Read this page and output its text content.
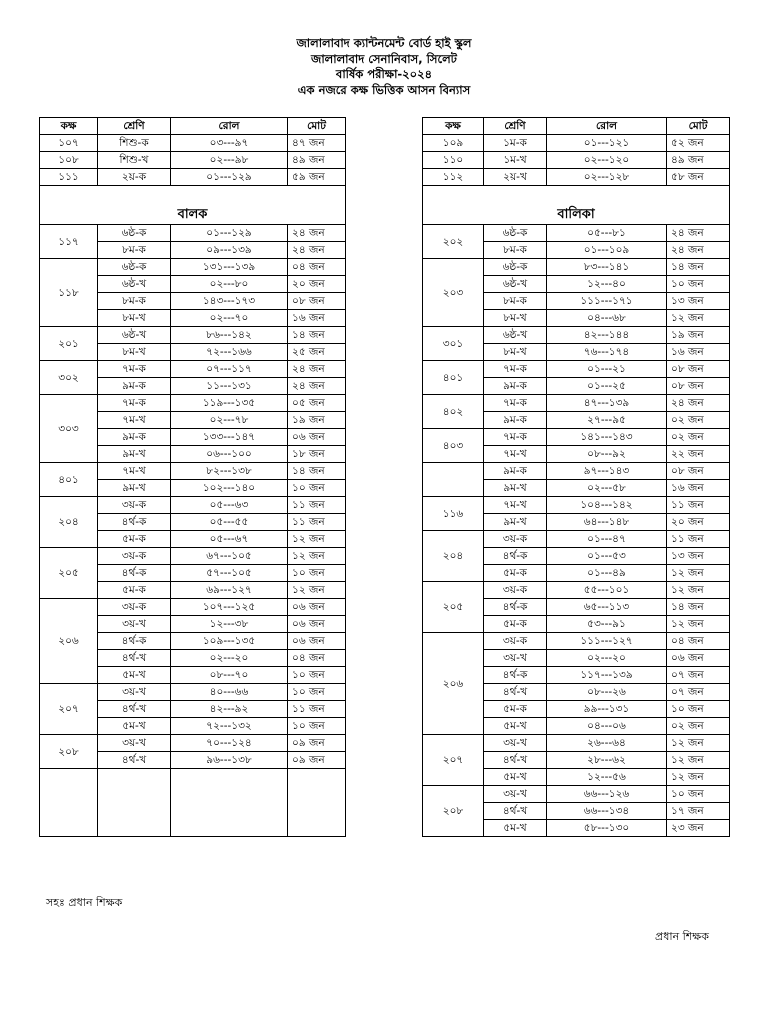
জালালাবাদ ক্যান্টনমেন্ট বোর্ড হাই স্কুল
জালালাবাদ সেনানিবাস, সিলেট
বার্ষিক পরীক্ষা-২০২৪
এক নজরে কক্ষ ভিত্তিক আসন বিন্যাস
কক্ষ	শ্রেণি	রোল	মোট		কক্ষ	শ্রেণি	রোল	মোট
১০৭	শিশু-ক	০৩---৯৭	৪৭ জন		১০৯	১ম-ক	০১---১২১	৫২ জন
১০৮	শিশু-খ	০২---৯৮	৪৯ জন		১১০	১ম-খ	০২---১২০	৪৯ জন
১১১	২য়-ক	০১---১২৯	৫৯ জন		১১২	২য়-খ	০২---১২৮	৫৮ জন
বালক					বালিকা			
১১৭	৬ষ্ঠ-ক	০১---১২৯	২৪ জন		২০২	৬ষ্ঠ-ক	০৫---৮১	২৪ জন
	৮ম-ক	০৯---১৩৯	২৪ জন			৮ম-ক	০১---১০৯	২৪ জন
১১৮	৬ষ্ঠ-ক	১৩১---১৩৯	০৪ জন		২০৩	৬ষ্ঠ-ক	৮৩---১৪১	১৪ জন
	৬ষ্ঠ-খ	০২---৮০	২০ জন			৬ষ্ঠ-খ	১২---৪০	১০ জন
	৮ম-ক	১৪৩---১৭৩	০৮ জন			৮ম-ক	১১১---১৭১	১৩ জন
	৮ম-খ	০২---৭০	১৬ জন			৮ম-খ	০৪---৬৮	১২ জন
২০১	৬ষ্ঠ-খ	৮৬---১৪২	১৪ জন		৩০১	৬ষ্ঠ-খ	৪২---১৪৪	১৯ জন
	৮ম-খ	৭২---১৬৬	২৫ জন			৮ম-খ	৭৬---১৭৪	১৬ জন
৩০২	৭ম-ক	০৭---১১৭	২৪ জন		৪০১	৭ম-ক	০১---২১	০৮ জন
	৯ম-ক	১১---১৩১	২৪ জন			৯ম-ক	০১---২৫	০৮ জন
৩০৩	৭ম-ক	১১৯---১৩৫	০৫ জন		৪০২	৭ম-ক	৪৭---১৩৯	২৪ জন
	৭ম-খ	০২---৭৮	১৯ জন			৯ম-ক	২৭---৯৫	০২ জন
	৯ম-ক	১৩৩---১৪৭	০৬ জন		৪০৩	৭ম-ক	১৪১---১৪৩	০২ জন
	৯ম-খ	০৬---১০০	১৮ জন			৭ম-খ	০৮---৯২	২২ জন
৪০১	৭ম-খ	৮২---১৩৮	১৪ জন			৯ম-ক	৯৭---১৪৩	০৮ জন
	৯ম-খ	১০২---১৪০	১০ জন			৯ম-খ	০২---৫৮	১৬ জন
২০৪	৩য়-ক	০৫---৬৩	১১ জন		১১৬	৭ম-খ	১০৪---১৪২	১১ জন
	৪র্থ-ক	০৫---৫৫	১১ জন			৯ম-খ	৬৪---১৪৮	২০ জন
	৫ম-ক	০৫---৬৭	১২ জন		২০৪	৩য়-ক	০১---৪৭	১১ জন
২০৫	৩য়-ক	৬৭---১০৫	১২ জন			৪র্থ-ক	০১---৫৩	১৩ জন
	৪র্থ-ক	৫৭---১০৫	১০ জন			৫ম-ক	০১---৪৯	১২ জন
	৫ম-ক	৬৯---১২৭	১২ জন		২০৫	৩য়-ক	৫৫---১০১	১২ জন
২০৬	৩য়-ক	১০৭---১২৫	০৬ জন			৪র্থ-ক	৬৫---১১৩	১৪ জন
	৩য়-খ	১২---৩৮	০৬ জন			৫ম-ক	৫৩---৯১	১২ জন
	৪র্থ-ক	১০৯---১৩৫	০৬ জন		২০৬	৩য়-ক	১১১---১২৭	০৪ জন
	৪র্থ-খ	০২---২০	০৪ জন			৩য়-খ	০২---২০	০৬ জন
	৫ম-খ	০৮---৭০	১০ জন			৪র্থ-ক	১১৭---১৩৯	০৭ জন
২০৭	৩য়-খ	৪০---৬৬	১০ জন			৪র্থ-খ	০৮---২৬	০৭ জন
	৪র্থ-খ	৪২---৯২	১১ জন			৫ম-ক	৯৯---১৩১	১০ জন
	৫ম-খ	৭২---১৩২	১০ জন			৫ম-খ	০৪---০৬	০২ জন
২০৮	৩য়-খ	৭০---১২৪	০৯ জন		২০৭	৩য়-খ	২৬---৬৪	১২ জন
	৪র্থ-খ	৯৬---১৩৮	০৯ জন			৪র্থ-খ	২৮---৬২	১২ জন
						৫ম-খ	১২---৫৬	১২ জন
					২০৮	৩য়-খ	৬৬---১২৬	১০ জন
						৪র্থ-খ	৬৬---১৩৪	১৭ জন
						৫ম-খ	৫৮---১৩০	২৩ জন
সহঃ প্রধান শিক্ষক
প্রধান শিক্ষক
